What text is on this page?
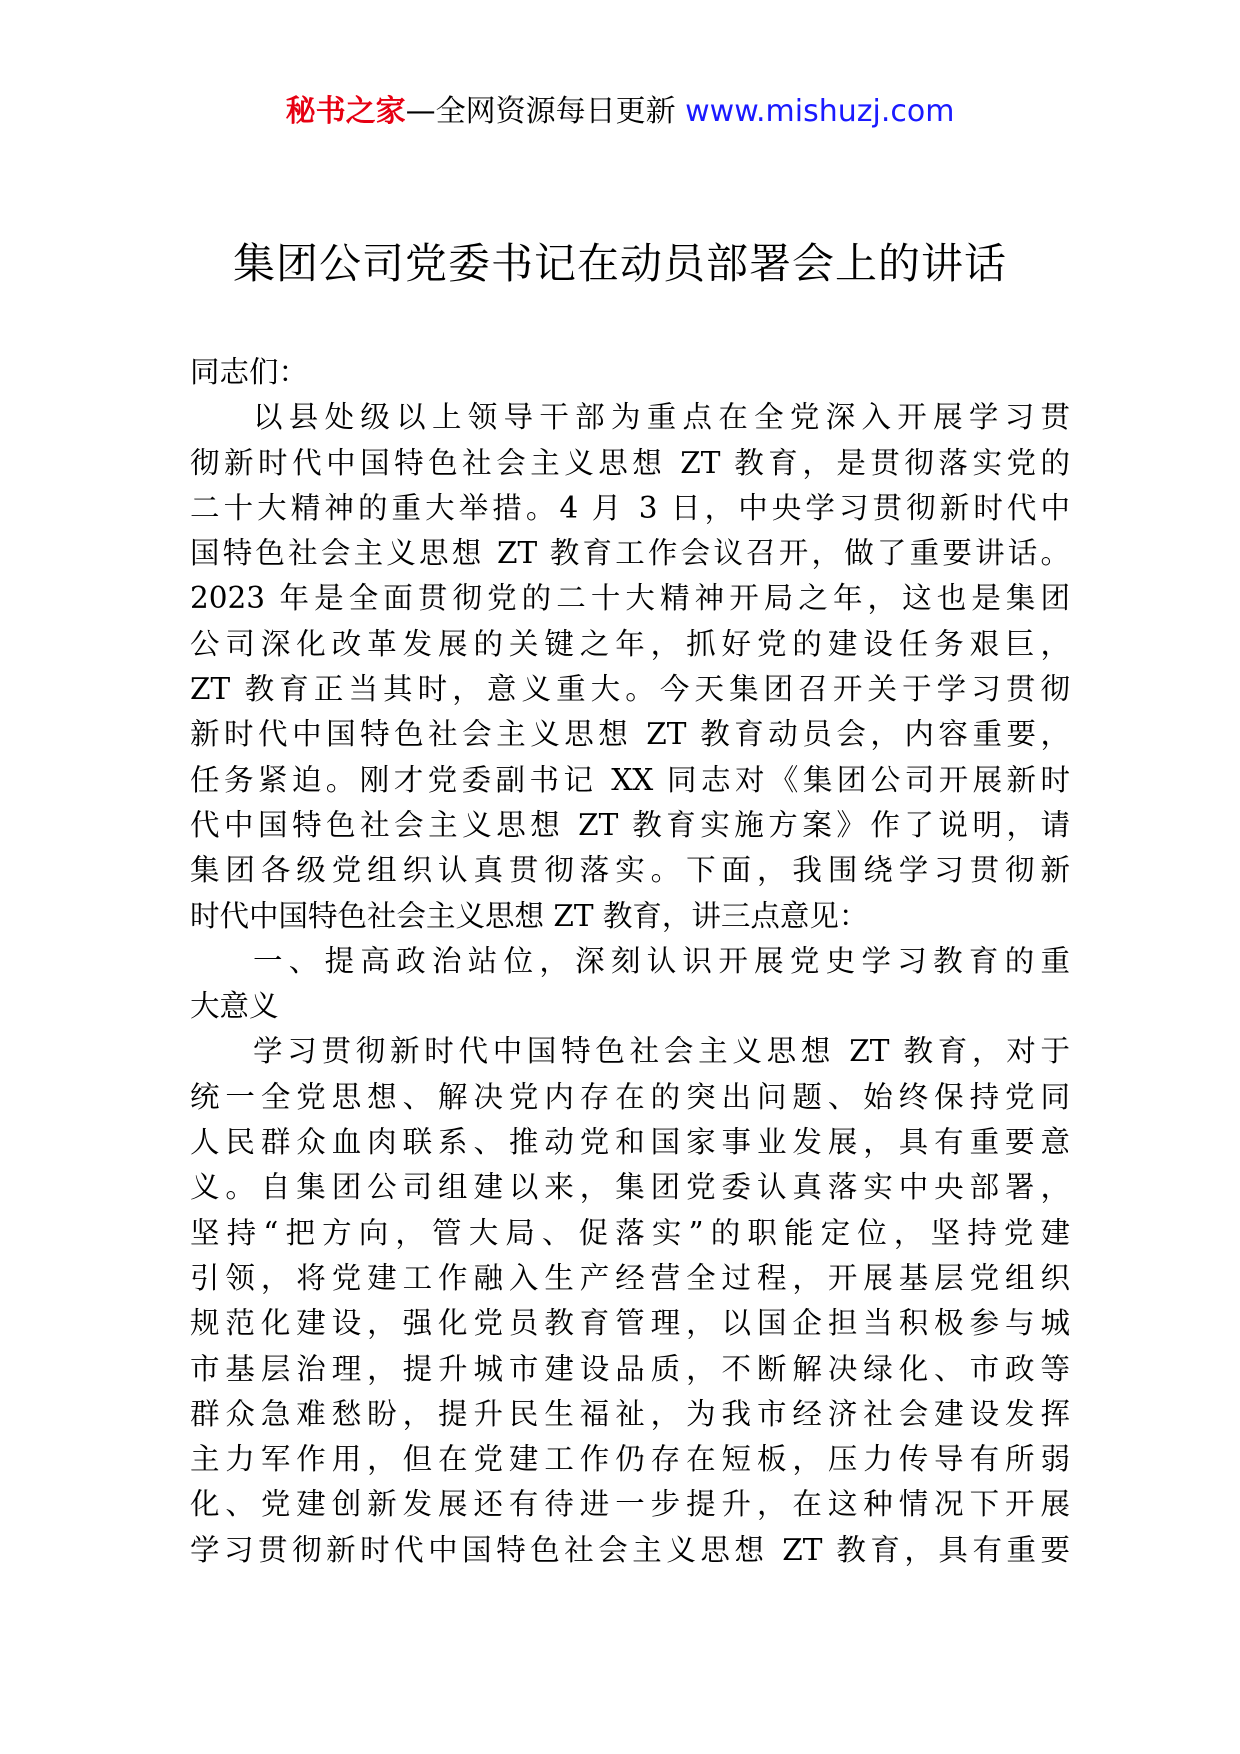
秘书之家—全网资源每日更新 www.mishuzj.com
集团公司党委书记在动员部署会上的讲话

同志们：

以县处级以上领导干部为重点在全党深入开展学习贯
彻新时代中国特色社会主义思想 ZT 教育，是贯彻落实党的
二十大精神的重大举措。4 月 3 日，中央学习贯彻新时代中
国特色社会主义思想 ZT 教育工作会议召开，做了重要讲话。
2023 年是全面贯彻党的二十大精神开局之年，这也是集团
公司深化改革发展的关键之年，抓好党的建设任务艰巨，
ZT 教育正当其时，意义重大。今天集团召开关于学习贯彻
新时代中国特色社会主义思想 ZT 教育动员会，内容重要，
任务紧迫。刚才党委副书记 XX 同志对《集团公司开展新时
代中国特色社会主义思想 ZT 教育实施方案》作了说明，请
集团各级党组织认真贯彻落实。下面，我围绕学习贯彻新
时代中国特色社会主义思想 ZT 教育，讲三点意见：

一、提高政治站位，深刻认识开展党史学习教育的重
大意义

学习贯彻新时代中国特色社会主义思想 ZT 教育，对于
统一全党思想、解决党内存在的突出问题、始终保持党同
人民群众血肉联系、推动党和国家事业发展，具有重要意
义。自集团公司组建以来，集团党委认真落实中央部署，
坚持“把方向，管大局、促落实”的职能定位，坚持党建
引领，将党建工作融入生产经营全过程，开展基层党组织
规范化建设，强化党员教育管理，以国企担当积极参与城
市基层治理，提升城市建设品质，不断解决绿化、市政等
群众急难愁盼，提升民生福祉，为我市经济社会建设发挥
主力军作用，但在党建工作仍存在短板，压力传导有所弱
化、党建创新发展还有待进一步提升，在这种情况下开展
学习贯彻新时代中国特色社会主义思想 ZT 教育，具有重要
